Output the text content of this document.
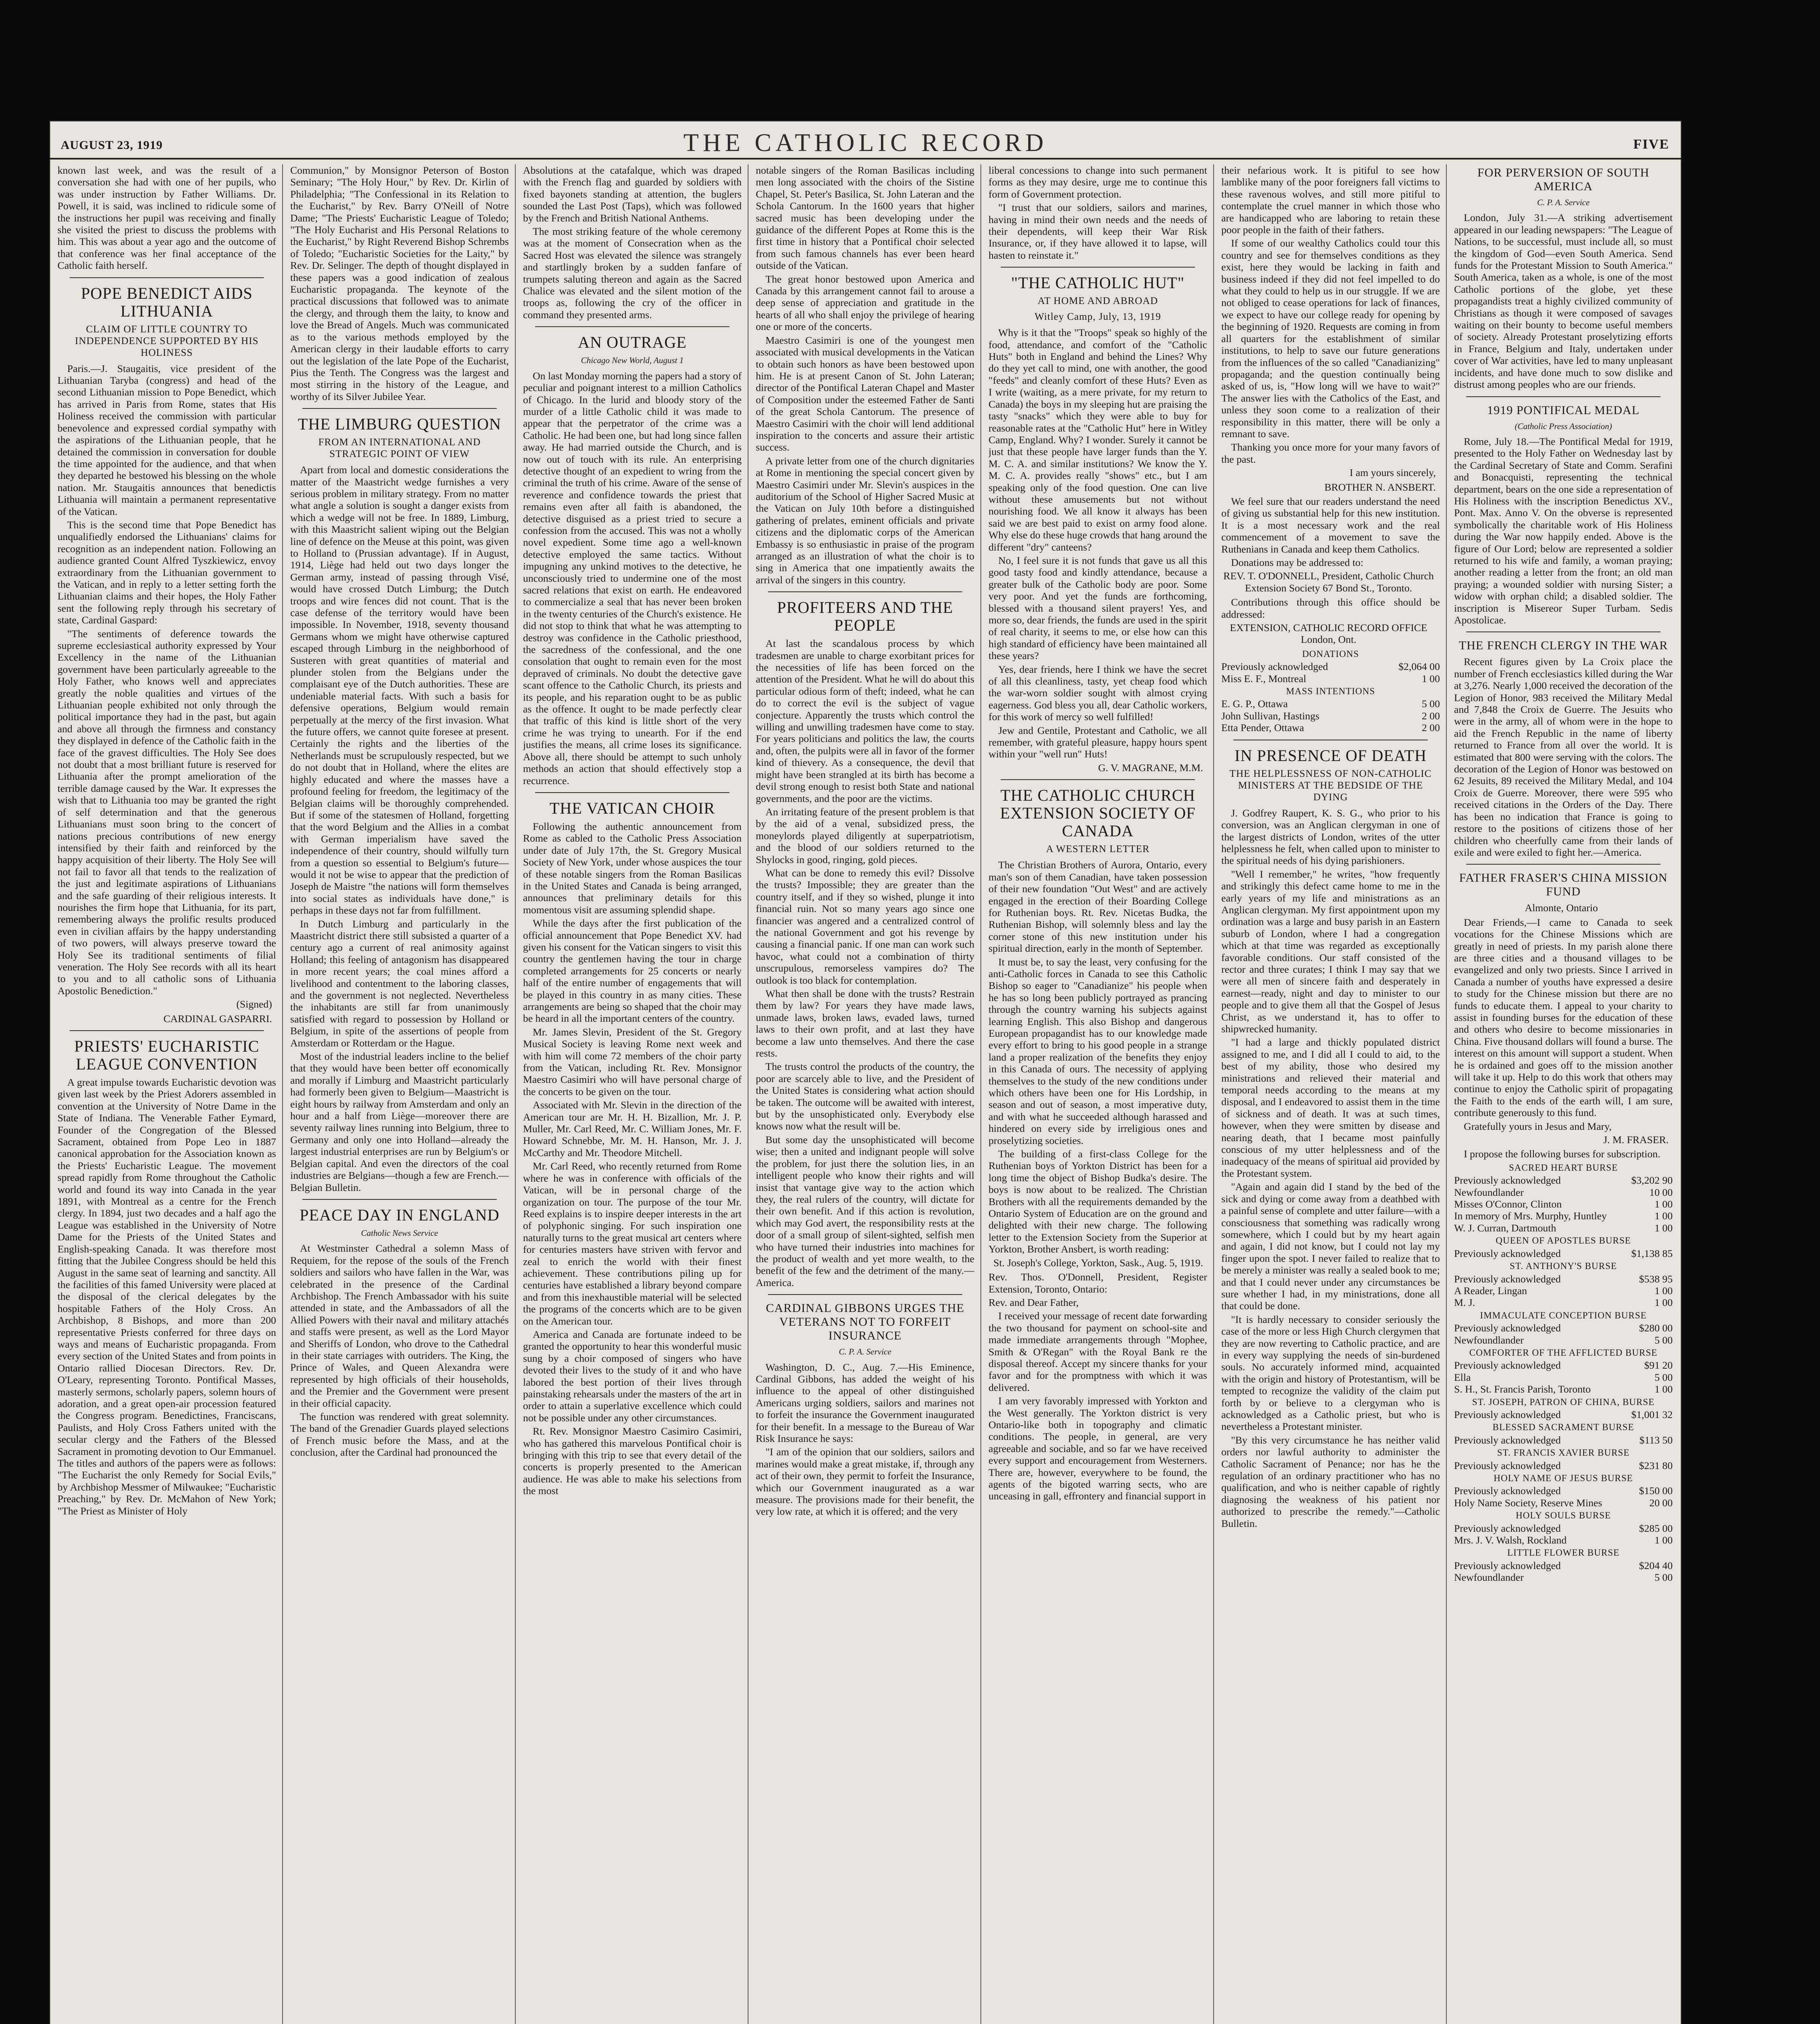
AUGUST 23, 1919	THE CATHOLIC RECORD	FIVE

known last week, and was the result of a conversation she had with one of her pupils, who was under instruction by Father Williams. Dr. Powell, it is said, was inclined to ridicule some of the instructions her pupil was receiving and finally she visited the priest to discuss the problems with him. This was about a year ago and the outcome of that conference was her final acceptance of the Catholic faith herself.

POPE BENEDICT AIDS LITHUANIA
CLAIM OF LITTLE COUNTRY TO INDEPENDENCE SUPPORTED BY HIS HOLINESS

Paris.—J. Staugaitis, vice president of the Lithuanian Taryba (congress) and head of the second Lithuanian mission to Pope Benedict, which has arrived in Paris from Rome, states that His Holiness received the commission with particular benevolence and expressed cordial sympathy with the aspirations of the Lithuanian people, that he detained the commission in conversation for double the time appointed for the audience, and that when they departed he bestowed his blessing on the whole nation. Mr. Staugaitis announces that benedictis Lithuania will maintain a permanent representative of the Vatican.

This is the second time that Pope Benedict has unqualifiedly endorsed the Lithuanians' claims for recognition as an independent nation. Following an audience granted Count Alfred Tyszkiewicz, envoy extraordinary from the Lithuanian government to the Vatican, and in reply to a letter setting forth the Lithuanian claims and their hopes, the Holy Father sent the following reply through his secretary of state, Cardinal Gaspard:

"The sentiments of deference towards the supreme ecclesiastical authority expressed by Your Excellency in the name of the Lithuanian government have been particularly agreeable to the Holy Father, who knows well and appreciates greatly the noble qualities and virtues of the Lithuanian people exhibited not only through the political importance they had in the past, but again and above all through the firmness and constancy they displayed in defence of the Catholic faith in the face of the gravest difficulties. The Holy See does not doubt that a most brilliant future is reserved for Lithuania after the prompt amelioration of the terrible damage caused by the War. It expresses the wish that to Lithuania too may be granted the right of self determination and that the generous Lithuanians must soon bring to the concert of nations precious contributions of new energy intensified by their faith and reinforced by the happy acquisition of their liberty. The Holy See will not fail to favor all that tends to the realization of the just and legitimate aspirations of Lithuanians and the safe guarding of their religious interests. It nourishes the firm hope that Lithuania, for its part, remembering always the prolific results produced even in civilian affairs by the happy understanding of two powers, will always preserve toward the Holy See its traditional sentiments of filial veneration. The Holy See records with all its heart to you and to all catholic sons of Lithuania Apostolic Benediction."

(Signed)
CARDINAL GASPARRI.
PRIESTS' EUCHARISTIC LEAGUE CONVENTION

A great impulse towards Eucharistic devotion was given last week by the Priest Adorers assembled in convention at the University of Notre Dame in the State of Indiana. The Venerable Father Eymard, Founder of the Congregation of the Blessed Sacrament, obtained from Pope Leo in 1887 canonical approbation for the Association known as the Priests' Eucharistic League. The movement spread rapidly from Rome throughout the Catholic world and found its way into Canada in the year 1891, with Montreal as a centre for the French clergy. In 1894, just two decades and a half ago the League was established in the University of Notre Dame for the Priests of the United States and English-speaking Canada. It was therefore most fitting that the Jubilee Congress should be held this August in the same seat of learning and sanctity. All the facilities of this famed University were placed at the disposal of the clerical delegates by the hospitable Fathers of the Holy Cross. An Archbishop, 8 Bishops, and more than 200 representative Priests conferred for three days on ways and means of Eucharistic propaganda. From every section of the United States and from points in Ontario rallied Diocesan Directors. Rev. Dr. O'Leary, representing Toronto. Pontifical Masses, masterly sermons, scholarly papers, solemn hours of adoration, and a great open-air procession featured the Congress program. Benedictines, Franciscans, Paulists, and Holy Cross Fathers united with the secular clergy and the Fathers of the Blessed Sacrament in promoting devotion to Our Emmanuel. The titles and authors of the papers were as follows: "The Eucharist the only Remedy for Social Evils," by Archbishop Messmer of Milwaukee; "Eucharistic Preaching," by Rev. Dr. McMahon of New York; "The Priest as Minister of Holy

Communion," by Monsignor Peterson of Boston Seminary; "The Holy Hour," by Rev. Dr. Kirlin of Philadelphia; "The Confessional in its Relation to the Eucharist," by Rev. Barry O'Neill of Notre Dame; "The Priests' Eucharistic League of Toledo; "The Holy Eucharist and His Personal Relations to the Eucharist," by Right Reverend Bishop Schrembs of Toledo; "Eucharistic Societies for the Laity," by Rev. Dr. Selinger. The depth of thought displayed in these papers was a good indication of zealous Eucharistic propaganda. The keynote of the practical discussions that followed was to animate the clergy, and through them the laity, to know and love the Bread of Angels. Much was communicated as to the various methods employed by the American clergy in their laudable efforts to carry out the legislation of the late Pope of the Eucharist, Pius the Tenth. The Congress was the largest and most stirring in the history of the League, and worthy of its Silver Jubilee Year.

THE LIMBURG QUESTION
FROM AN INTERNATIONAL AND STRATEGIC POINT OF VIEW

Apart from local and domestic considerations the matter of the Maastricht wedge furnishes a very serious problem in military strategy. From no matter what angle a solution is sought a danger exists from which a wedge will not be free. In 1889, Limburg, with this Maastricht salient wiping out the Belgian line of defence on the Meuse at this point, was given to Holland to (Prussian advantage). If in August, 1914, Liège had held out two days longer the German army, instead of passing through Visé, would have crossed Dutch Limburg; the Dutch troops and wire fences did not count. That is the case defense of the territory would have been impossible. In November, 1918, seventy thousand Germans whom we might have otherwise captured escaped through Limburg in the neighborhood of Susteren with great quantities of material and plunder stolen from the Belgians under the complaisant eye of the Dutch authorities. These are undeniable material facts. With such a basis for defensive operations, Belgium would remain perpetually at the mercy of the first invasion. What the future offers, we cannot quite foresee at present. Certainly the rights and the liberties of the Netherlands must be scrupulously respected, but we do not doubt that in Holland, where the elites are highly educated and where the masses have a profound feeling for freedom, the legitimacy of the Belgian claims will be thoroughly comprehended. But if some of the statesmen of Holland, forgetting that the word Belgium and the Allies in a combat with German imperialism have saved the independence of their country, should wilfully turn from a question so essential to Belgium's future—would it not be wise to appear that the prediction of Joseph de Maistre "the nations will form themselves into social states as individuals have done," is perhaps in these days not far from fulfillment.

In Dutch Limburg and particularly in the Maastricht district there still subsisted a quarter of a century ago a current of real animosity against Holland; this feeling of antagonism has disappeared in more recent years; the coal mines afford a livelihood and contentment to the laboring classes, and the government is not neglected. Nevertheless the inhabitants are still far from unanimously satisfied with regard to possession by Holland or Belgium, in spite of the assertions of people from Amsterdam or Rotterdam or the Hague.

Most of the industrial leaders incline to the belief that they would have been better off economically and morally if Limburg and Maastricht particularly had formerly been given to Belgium—Maastricht is eight hours by railway from Amsterdam and only an hour and a half from Liège—moreover there are seventy railway lines running into Belgium, three to Germany and only one into Holland—already the largest industrial enterprises are run by Belgium's or Belgian capital. And even the directors of the coal industries are Belgians—though a few are French.—Belgian Bulletin.

PEACE DAY IN ENGLAND
Catholic News Service

At Westminster Cathedral a solemn Mass of Requiem, for the repose of the souls of the French soldiers and sailors who have fallen in the War, was celebrated in the presence of the Cardinal Archbishop. The French Ambassador with his suite attended in state, and the Ambassadors of all the Allied Powers with their naval and military attachés and staffs were present, as well as the Lord Mayor and Sheriffs of London, who drove to the Cathedral in their state carriages with outriders. The King, the Prince of Wales, and Queen Alexandra were represented by high officials of their households, and the Premier and the Government were present in their official capacity.

The function was rendered with great solemnity. The band of the Grenadier Guards played selections of French music before the Mass, and at the conclusion, after the Cardinal had pronounced the

Absolutions at the catafalque, which was draped with the French flag and guarded by soldiers with fixed bayonets standing at attention, the buglers sounded the Last Post (Taps), which was followed by the French and British National Anthems.

The most striking feature of the whole ceremony was at the moment of Consecration when as the Sacred Host was elevated the silence was strangely and startlingly broken by a sudden fanfare of trumpets saluting thereon and again as the Sacred Chalice was elevated and the silent motion of the troops as, following the cry of the officer in command they presented arms.

AN OUTRAGE
Chicago New World, August 1

On last Monday morning the papers had a story of peculiar and poignant interest to a million Catholics of Chicago. In the lurid and bloody story of the murder of a little Catholic child it was made to appear that the perpetrator of the crime was a Catholic. He had been one, but had long since fallen away. He had married outside the Church, and is now out of touch with its rule. An enterprising detective thought of an expedient to wring from the criminal the truth of his crime. Aware of the sense of reverence and confidence towards the priest that remains even after all faith is abandoned, the detective disguised as a priest tried to secure a confession from the accused. This was not a wholly novel expedient. Some time ago a well-known detective employed the same tactics. Without impugning any unkind motives to the detective, he unconsciously tried to undermine one of the most sacred relations that exist on earth. He endeavored to commercialize a seal that has never been broken in the twenty centuries of the Church's existence. He did not stop to think that what he was attempting to destroy was confidence in the Catholic priesthood, the sacredness of the confessional, and the one consolation that ought to remain even for the most depraved of criminals. No doubt the detective gave scant offence to the Catholic Church, its priests and its people, and his reparation ought to be as public as the offence. It ought to be made perfectly clear that traffic of this kind is little short of the very crime he was trying to unearth. For if the end justifies the means, all crime loses its significance. Above all, there should be attempt to such unholy methods an action that should effectively stop a recurrence.

THE VATICAN CHOIR

Following the authentic announcement from Rome as cabled to the Catholic Press Association under date of July 17th, the St. Gregory Musical Society of New York, under whose auspices the tour of these notable singers from the Roman Basilicas in the United States and Canada is being arranged, announces that preliminary details for this momentous visit are assuming splendid shape.

While the days after the first publication of the official announcement that Pope Benedict XV. had given his consent for the Vatican singers to visit this country the gentlemen having the tour in charge completed arrangements for 25 concerts or nearly half of the entire number of engagements that will be played in this country in as many cities. These arrangements are being so shaped that the choir may be heard in all the important centers of the country.

Mr. James Slevin, President of the St. Gregory Musical Society is leaving Rome next week and with him will come 72 members of the choir party from the Vatican, including Rt. Rev. Monsignor Maestro Casimiri who will have personal charge of the concerts to be given on the tour.

Associated with Mr. Slevin in the direction of the American tour are Mr. H. H. Bizallion, Mr. J. P. Muller, Mr. Carl Reed, Mr. C. William Jones, Mr. F. Howard Schnebbe, Mr. M. H. Hanson, Mr. J. J. McCarthy and Mr. Theodore Mitchell.

Mr. Carl Reed, who recently returned from Rome where he was in conference with officials of the Vatican, will be in personal charge of the organization on tour. The purpose of the tour Mr. Reed explains is to inspire deeper interests in the art of polyphonic singing. For such inspiration one naturally turns to the great musical art centers where for centuries masters have striven with fervor and zeal to enrich the world with their finest achievement. These contributions piling up for centuries have established a library beyond compare and from this inexhaustible material will be selected the programs of the concerts which are to be given on the American tour.

America and Canada are fortunate indeed to be granted the opportunity to hear this wonderful music sung by a choir composed of singers who have devoted their lives to the study of it and who have labored the best portion of their lives through painstaking rehearsals under the masters of the art in order to attain a superlative excellence which could not be possible under any other circumstances.

Rt. Rev. Monsignor Maestro Casimiro Casimiri, who has gathered this marvelous Pontifical choir is bringing with this trip to see that every detail of the concerts is properly presented to the American audience. He was able to make his selections from the most

notable singers of the Roman Basilicas including men long associated with the choirs of the Sistine Chapel, St. Peter's Basilica, St. John Lateran and the Schola Cantorum. In the 1600 years that higher sacred music has been developing under the guidance of the different Popes at Rome this is the first time in history that a Pontifical choir selected from such famous channels has ever been heard outside of the Vatican.

The great honor bestowed upon America and Canada by this arrangement cannot fail to arouse a deep sense of appreciation and gratitude in the hearts of all who shall enjoy the privilege of hearing one or more of the concerts.

Maestro Casimiri is one of the youngest men associated with musical developments in the Vatican to obtain such honors as have been bestowed upon him. He is at present Canon of St. John Lateran; director of the Pontifical Lateran Chapel and Master of Composition under the esteemed Father de Santi of the great Schola Cantorum. The presence of Maestro Casimiri with the choir will lend additional inspiration to the concerts and assure their artistic success.

A private letter from one of the church dignitaries at Rome in mentioning the special concert given by Maestro Casimiri under Mr. Slevin's auspices in the auditorium of the School of Higher Sacred Music at the Vatican on July 10th before a distinguished gathering of prelates, eminent officials and private citizens and the diplomatic corps of the American Embassy is so enthusiastic in praise of the program arranged as an illustration of what the choir is to sing in America that one impatiently awaits the arrival of the singers in this country.

PROFITEERS AND THE PEOPLE

At last the scandalous process by which tradesmen are unable to charge exorbitant prices for the necessities of life has been forced on the attention of the President. What he will do about this particular odious form of theft; indeed, what he can do to correct the evil is the subject of vague conjecture. Apparently the trusts which control the willing and unwilling tradesmen have come to stay. For years politicians and politics the law, the courts and, often, the pulpits were all in favor of the former kind of thievery. As a consequence, the devil that might have been strangled at its birth has become a devil strong enough to resist both State and national governments, and the poor are the victims.

An irritating feature of the present problem is that by the aid of a venal, subsidized press, the moneylords played diligently at superpatriotism, and the blood of our soldiers returned to the Shylocks in good, ringing, gold pieces.

What can be done to remedy this evil? Dissolve the trusts? Impossible; they are greater than the country itself, and if they so wished, plunge it into financial ruin. Not so many years ago since one financier was angered and a centralized control of the national Government and got his revenge by causing a financial panic. If one man can work such havoc, what could not a combination of thirty unscrupulous, remorseless vampires do? The outlook is too black for contemplation.

What then shall be done with the trusts? Restrain them by law? For years they have made laws, unmade laws, broken laws, evaded laws, turned laws to their own profit, and at last they have become a law unto themselves. And there the case rests.

The trusts control the products of the country, the poor are scarcely able to live, and the President of the United States is considering what action should be taken. The outcome will be awaited with interest, but by the unsophisticated only. Everybody else knows now what the result will be.

But some day the unsophisticated will become wise; then a united and indignant people will solve the problem, for just there the solution lies, in an intelligent people who know their rights and will insist that vantage give way to the action which they, the real rulers of the country, will dictate for their own benefit. And if this action is revolution, which may God avert, the responsibility rests at the door of a small group of silent-sighted, selfish men who have turned their industries into machines for the product of wealth and yet more wealth, to the benefit of the few and the detriment of the many.—America.

CARDINAL GIBBONS URGES THE VETERANS NOT TO FORFEIT INSURANCE
C. P. A. Service

Washington, D. C., Aug. 7.—His Eminence, Cardinal Gibbons, has added the weight of his influence to the appeal of other distinguished Americans urging soldiers, sailors and marines not to forfeit the insurance the Government inaugurated for their benefit. In a message to the Bureau of War Risk Insurance he says:

"I am of the opinion that our soldiers, sailors and marines would make a great mistake, if, through any act of their own, they permit to forfeit the Insurance, which our Government inaugurated as a war measure. The provisions made for their benefit, the very low rate, at which it is offered; and the very

liberal concessions to change into such permanent forms as they may desire, urge me to continue this form of Government protection.

"I trust that our soldiers, sailors and marines, having in mind their own needs and the needs of their dependents, will keep their War Risk Insurance, or, if they have allowed it to lapse, will hasten to reinstate it."

"THE CATHOLIC HUT"
AT HOME AND ABROAD
Witley Camp, July, 13, 1919

Why is it that the "Troops" speak so highly of the food, attendance, and comfort of the "Catholic Huts" both in England and behind the Lines? Why do they yet call to mind, one with another, the good "feeds" and cleanly comfort of these Huts? Even as I write (waiting, as a mere private, for my return to Canada) the boys in my sleeping hut are praising the tasty "snacks" which they were able to buy for reasonable rates at the "Catholic Hut" here in Witley Camp, England. Why? I wonder. Surely it cannot be just that these people have larger funds than the Y. M. C. A. and similar institutions? We know the Y. M. C. A. provides really "shows" etc., but I am speaking only of the food question. One can live without these amusements but not without nourishing food. We all know it always has been said we are best paid to exist on army food alone. Why else do these huge crowds that hang around the different "dry" canteens?

No, I feel sure it is not funds that gave us all this good tasty food and kindly attendance, because a greater bulk of the Catholic body are poor. Some very poor. And yet the funds are forthcoming, blessed with a thousand silent prayers! Yes, and more so, dear friends, the funds are used in the spirit of real charity, it seems to me, or else how can this high standard of efficiency have been maintained all these years?

Yes, dear friends, here I think we have the secret of all this cleanliness, tasty, yet cheap food which the war-worn soldier sought with almost crying eagerness. God bless you all, dear Catholic workers, for this work of mercy so well fulfilled!

Jew and Gentile, Protestant and Catholic, we all remember, with grateful pleasure, happy hours spent within your "well run" Huts!

G. V. MAGRANE, M.M.
THE CATHOLIC CHURCH EXTENSION SOCIETY OF CANADA
A WESTERN LETTER

The Christian Brothers of Aurora, Ontario, every man's son of them Canadian, have taken possession of their new foundation "Out West" and are actively engaged in the erection of their Boarding College for Ruthenian boys. Rt. Rev. Nicetas Budka, the Ruthenian Bishop, will solemnly bless and lay the corner stone of this new institution under his spiritual direction, early in the month of September.

It must be, to say the least, very confusing for the anti-Catholic forces in Canada to see this Catholic Bishop so eager to "Canadianize" his people when he has so long been publicly portrayed as prancing through the country warning his subjects against learning English. This also Bishop and dangerous European propagandist has to our knowledge made every effort to bring to his good people in a strange land a proper realization of the benefits they enjoy in this Canada of ours. The necessity of applying themselves to the study of the new conditions under which others have been one for His Lordship, in season and out of season, a most imperative duty, and with what he succeeded although harassed and hindered on every side by irreligious ones and proselytizing societies.

The building of a first-class College for the Ruthenian boys of Yorkton District has been for a long time the object of Bishop Budka's desire. The boys is now about to be realized. The Christian Brothers with all the requirements demanded by the Ontario System of Education are on the ground and delighted with their new charge. The following letter to the Extension Society from the Superior at Yorkton, Brother Ansbert, is worth reading:

St. Joseph's College, Yorkton, Sask., Aug. 5, 1919.

Rev. Thos. O'Donnell, President, Register Extension, Toronto, Ontario:

Rev. and Dear Father,

I received your message of recent date forwarding the two thousand for payment on school-site and made immediate arrangements through "Mophee, Smith & O'Regan" with the Royal Bank re the disposal thereof. Accept my sincere thanks for your favor and for the promptness with which it was delivered.

I am very favorably impressed with Yorkton and the West generally. The Yorkton district is very Ontario-like both in topography and climatic conditions. The people, in general, are very agreeable and sociable, and so far we have received every support and encouragement from Westerners. There are, however, everywhere to be found, the agents of the bigoted warring sects, who are unceasing in gall, effrontery and financial support in

their nefarious work. It is pitiful to see how lamblike many of the poor foreigners fall victims to these ravenous wolves, and still more pitiful to contemplate the cruel manner in which those who are handicapped who are laboring to retain these poor people in the faith of their fathers.

If some of our wealthy Catholics could tour this country and see for themselves conditions as they exist, here they would be lacking in faith and business indeed if they did not feel impelled to do what they could to help us in our struggle. If we are not obliged to cease operations for lack of finances, we expect to have our college ready for opening by the beginning of 1920. Requests are coming in from all quarters for the establishment of similar institutions, to help to save our future generations from the influences of the so called "Canadianizing" propaganda; and the question continually being asked of us, is, "How long will we have to wait?" The answer lies with the Catholics of the East, and unless they soon come to a realization of their responsibility in this matter, there will be only a remnant to save.

Thanking you once more for your many favors of the past.

I am yours sincerely,
BROTHER N. ANSBERT.

We feel sure that our readers understand the need of giving us substantial help for this new institution. It is a most necessary work and the real commencement of a movement to save the Ruthenians in Canada and keep them Catholics.

Donations may be addressed to:

REV. T. O'DONNELL, President, Catholic Church Extension Society 67 Bond St., Toronto.

Contributions through this office should be addressed:

EXTENSION, CATHOLIC RECORD OFFICE London, Ont.
DONATIONS
Previously acknowledged	$2,064 00
Miss E. F., Montreal	1 00
MASS INTENTIONS
E. G. P., Ottawa	5 00
John Sullivan, Hastings	2 00
Etta Pender, Ottawa	2 00
IN PRESENCE OF DEATH
THE HELPLESSNESS OF NON-CATHOLIC MINISTERS AT THE BEDSIDE OF THE DYING

J. Godfrey Raupert, K. S. G., who prior to his conversion, was an Anglican clergyman in one of the largest districts of London, writes of the utter helplessness he felt, when called upon to minister to the spiritual needs of his dying parishioners.

"Well I remember," he writes, "how frequently and strikingly this defect came home to me in the early years of my life and ministrations as an Anglican clergyman. My first appointment upon my ordination was a large and busy parish in an Eastern suburb of London, where I had a congregation which at that time was regarded as exceptionally favorable conditions. Our staff consisted of the rector and three curates; I think I may say that we were all men of sincere faith and desperately in earnest—ready, night and day to minister to our people and to give them all that the Gospel of Jesus Christ, as we understand it, has to offer to shipwrecked humanity.

"I had a large and thickly populated district assigned to me, and I did all I could to aid, to the best of my ability, those who desired my ministrations and relieved their material and temporal needs according to the means at my disposal, and I endeavored to assist them in the time of sickness and of death. It was at such times, however, when they were smitten by disease and nearing death, that I became most painfully conscious of my utter helplessness and of the inadequacy of the means of spiritual aid provided by the Protestant system.

"Again and again did I stand by the bed of the sick and dying or come away from a deathbed with a painful sense of complete and utter failure—with a consciousness that something was radically wrong somewhere, which I could but by my heart again and again, I did not know, but I could not lay my finger upon the spot. I never failed to realize that to be merely a minister was really a sealed book to me; and that I could never under any circumstances be sure whether I had, in my ministrations, done all that could be done.

"It is hardly necessary to consider seriously the case of the more or less High Church clergymen that they are now reverting to Catholic practice, and are in every way supplying the needs of sin-burdened souls. No accurately informed mind, acquainted with the origin and history of Protestantism, will be tempted to recognize the validity of the claim put forth by or believe to a clergyman who is acknowledged as a Catholic priest, but who is nevertheless a Protestant minister.

"By this very circumstance he has neither valid orders nor lawful authority to administer the Catholic Sacrament of Penance; nor has he the regulation of an ordinary practitioner who has no qualification, and who is neither capable of rightly diagnosing the weakness of his patient nor authorized to prescribe the remedy."—Catholic Bulletin.

FOR PERVERSION OF SOUTH AMERICA
C. P. A. Service

London, July 31.—A striking advertisement appeared in our leading newspapers: "The League of Nations, to be successful, must include all, so must the kingdom of God—even South America. Send funds for the Protestant Mission to South America." South America, taken as a whole, is one of the most Catholic portions of the globe, yet these propagandists treat a highly civilized community of Christians as though it were composed of savages waiting on their bounty to become useful members of society. Already Protestant proselytizing efforts in France, Belgium and Italy, undertaken under cover of War activities, have led to many unpleasant incidents, and have done much to sow dislike and distrust among peoples who are our friends.

1919 PONTIFICAL MEDAL
(Catholic Press Association)

Rome, July 18.—The Pontifical Medal for 1919, presented to the Holy Father on Wednesday last by the Cardinal Secretary of State and Comm. Serafini and Bonacquisti, representing the technical department, bears on the one side a representation of His Holiness with the inscription Benedictus XV., Pont. Max. Anno V. On the obverse is represented symbolically the charitable work of His Holiness during the War now happily ended. Above is the figure of Our Lord; below are represented a soldier returned to his wife and family, a woman praying; another reading a letter from the front; an old man praying; a wounded soldier with nursing Sister; a widow with orphan child; a disabled soldier. The inscription is Misereor Super Turbam. Sedis Apostolicae.

THE FRENCH CLERGY IN THE WAR

Recent figures given by La Croix place the number of French ecclesiastics killed during the War at 3,276. Nearly 1,000 received the decoration of the Legion of Honor, 983 received the Military Medal and 7,848 the Croix de Guerre. The Jesuits who were in the army, all of whom were in the hope to aid the French Republic in the name of liberty returned to France from all over the world. It is estimated that 800 were serving with the colors. The decoration of the Legion of Honor was bestowed on 62 Jesuits, 89 received the Military Medal, and 104 Croix de Guerre. Moreover, there were 595 who received citations in the Orders of the Day. There has been no indication that France is going to restore to the positions of citizens those of her children who cheerfully came from their lands of exile and were exiled to fight her.—America.

FATHER FRASER'S CHINA MISSION FUND
Almonte, Ontario

Dear Friends,—I came to Canada to seek vocations for the Chinese Missions which are greatly in need of priests. In my parish alone there are three cities and a thousand villages to be evangelized and only two priests. Since I arrived in Canada a number of youths have expressed a desire to study for the Chinese mission but there are no funds to educate them. I appeal to your charity to assist in founding burses for the education of these and others who desire to become missionaries in China. Five thousand dollars will found a burse. The interest on this amount will support a student. When he is ordained and goes off to the mission another will take it up. Help to do this work that others may continue to enjoy the Catholic spirit of propagating the Faith to the ends of the earth will, I am sure, contribute generously to this fund.

Gratefully yours in Jesus and Mary,

J. M. FRASER.

I propose the following burses for subscription.

SACRED HEART BURSE
Previously acknowledged	$3,202 90
Newfoundlander	10 00
Misses O'Connor, Clinton	1 00
In memory of Mrs. Murphy, Huntley	1 00
W. J. Curran, Dartmouth	1 00
QUEEN OF APOSTLES BURSE
Previously acknowledged	$1,138 85
ST. ANTHONY'S BURSE
Previously acknowledged	$538 95
A Reader, Lingan	1 00
M. J.	1 00
IMMACULATE CONCEPTION BURSE
Previously acknowledged	$280 00
Newfoundlander	5 00
COMFORTER OF THE AFFLICTED BURSE
Previously acknowledged	$91 20
Ella	5 00
S. H., St. Francis Parish, Toronto	1 00
ST. JOSEPH, PATRON OF CHINA, BURSE
Previously acknowledged	$1,001 32
BLESSED SACRAMENT BURSE
Previously acknowledged	$113 50
ST. FRANCIS XAVIER BURSE
Previously acknowledged	$231 80
HOLY NAME OF JESUS BURSE
Previously acknowledged	$150 00
Holy Name Society, Reserve Mines	20 00
HOLY SOULS BURSE
Previously acknowledged	$285 00
Mrs. J. V. Walsh, Rockland	1 00
LITTLE FLOWER BURSE
Previously acknowledged	$204 40
Newfoundlander	5 00
